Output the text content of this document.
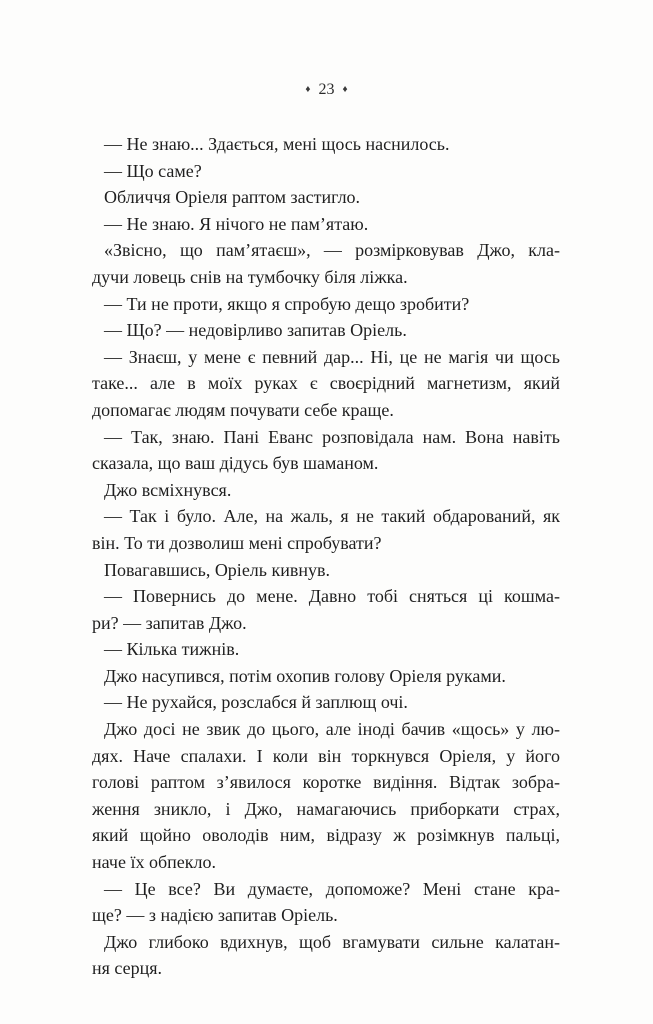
♦ 23 ♦
— Не знаю... Здається, мені щось наснилось.
— Що саме?
Обличчя Оріеля раптом застигло.
— Не знаю. Я нічого не пам’ятаю.
«Звісно, що пам’ятаєш», — розмірковував Джо, кла-
дучи ловець снів на тумбочку біля ліжка.
— Ти не проти, якщо я спробую дещо зробити?
— Що? — недовірливо запитав Оріель.
— Знаєш, у мене є певний дар... Ні, це не магія чи щось
таке... але в моїх руках є своєрідний магнетизм, який
допомагає людям почувати себе краще.
— Так, знаю. Пані Еванс розповідала нам. Вона навіть
сказала, що ваш дідусь був шаманом.
Джо всміхнувся.
— Так і було. Але, на жаль, я не такий обдарований, як
він. То ти дозволиш мені спробувати?
Повагавшись, Оріель кивнув.
— Повернись до мене. Давно тобі сняться ці кошма-
ри? — запитав Джо.
— Кілька тижнів.
Джо насупився, потім охопив голову Оріеля руками.
— Не рухайся, розслабся й заплющ очі.
Джо досі не звик до цього, але іноді бачив «щось» у лю-
дях. Наче спалахи. І коли він торкнувся Оріеля, у його
голові раптом з’явилося коротке видіння. Відтак зобра-
ження зникло, і Джо, намагаючись приборкати страх,
який щойно оволодів ним, відразу ж розімкнув пальці,
наче їх обпекло.
— Це все? Ви думаєте, допоможе? Мені стане кра-
ще? — з надією запитав Оріель.
Джо глибоко вдихнув, щоб вгамувати сильне калатан-
ня серця.
